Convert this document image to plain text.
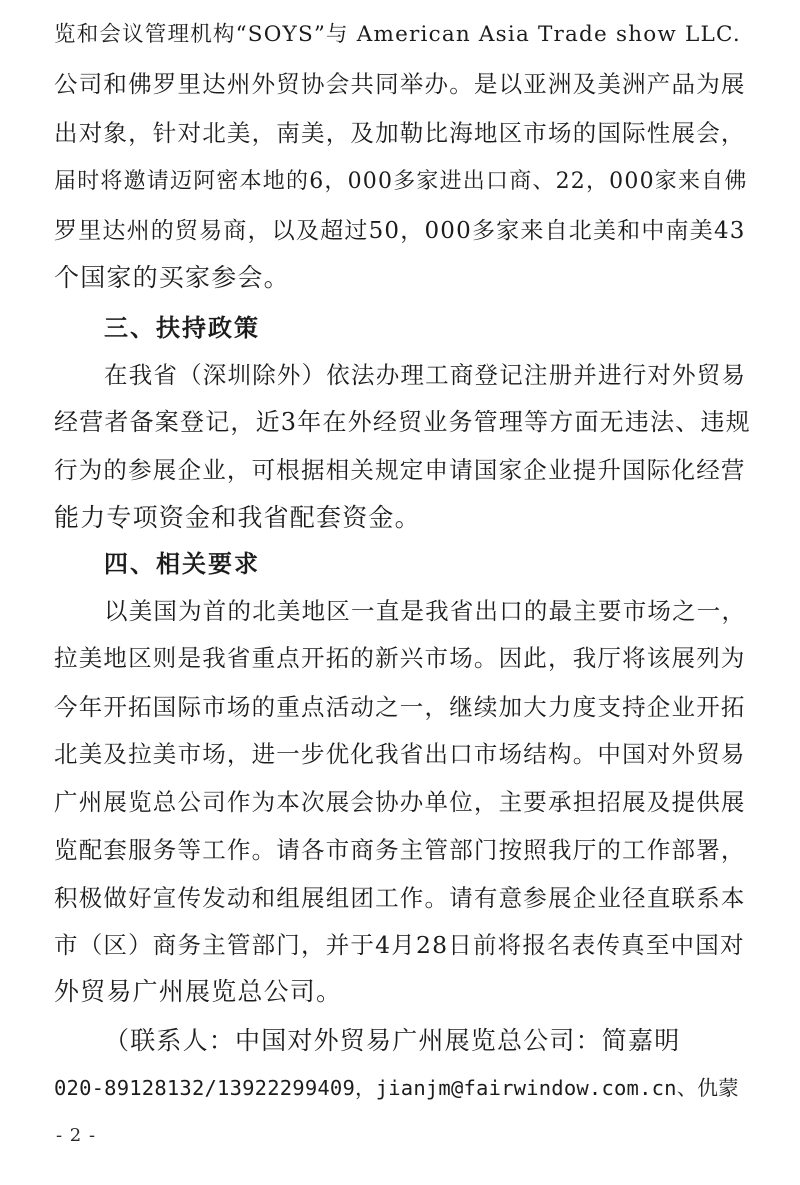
览和会议管理机构“SOYS”与 American Asia Trade show LLC.
公司和佛罗里达州外贸协会共同举办。是以亚洲及美洲产品为展
出对象，针对北美，南美，及加勒比海地区市场的国际性展会，
届时将邀请迈阿密本地的6，000多家进出口商、22，000家来自佛
罗里达州的贸易商，以及超过50，000多家来自北美和中南美43
个国家的买家参会。
三、扶持政策
在我省（深圳除外）依法办理工商登记注册并进行对外贸易
经营者备案登记，近3年在外经贸业务管理等方面无违法、违规
行为的参展企业，可根据相关规定申请国家企业提升国际化经营
能力专项资金和我省配套资金。
四、相关要求
以美国为首的北美地区一直是我省出口的最主要市场之一，
拉美地区则是我省重点开拓的新兴市场。因此，我厅将该展列为
今年开拓国际市场的重点活动之一，继续加大力度支持企业开拓
北美及拉美市场，进一步优化我省出口市场结构。中国对外贸易
广州展览总公司作为本次展会协办单位，主要承担招展及提供展
览配套服务等工作。请各市商务主管部门按照我厅的工作部署，
积极做好宣传发动和组展组团工作。请有意参展企业径直联系本
市（区）商务主管部门，并于4月28日前将报名表传真至中国对
外贸易广州展览总公司。
（联系人：中国对外贸易广州展览总公司：简嘉明
020-89128132/13922299409，jianjm@fairwindow.com.cn、仇蒙
- 2 -
